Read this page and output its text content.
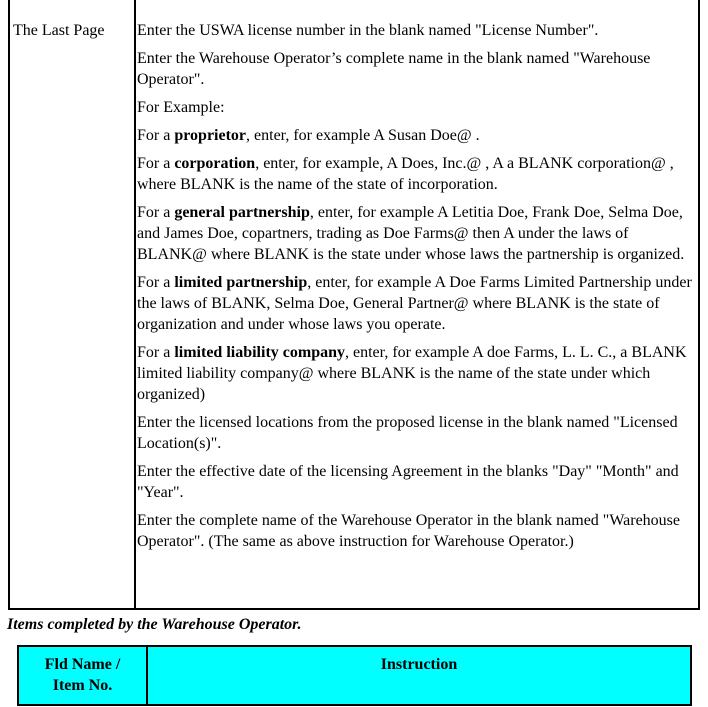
The Last Page	Enter the USWA license number in the blank named "License Number".

Enter the Warehouse Operator’s complete name in the blank named "Warehouse Operator".

For Example:

For a proprietor, enter, for example A Susan Doe@ .

For a corporation, enter, for example, A Does, Inc.@ , A a BLANK corporation@ , where BLANK is the name of the state of incorporation.

For a general partnership, enter, for example A Letitia Doe, Frank Doe, Selma Doe, and James Doe, copartners, trading as Doe Farms@ then A under the laws of BLANK@ where BLANK is the state under whose laws the partnership is organized.

For a limited partnership, enter, for example A Doe Farms Limited Partnership under the laws of BLANK, Selma Doe, General Partner@ where BLANK is the state of organization and under whose laws you operate.

For a limited liability company, enter, for example A doe Farms, L. L. C., a BLANK limited liability company@ where BLANK is the name of the state under which organized)

Enter the licensed locations from the proposed license in the blank named "Licensed Location(s)".

Enter the effective date of the licensing Agreement in the blanks "Day" "Month" and "Year".

Enter the complete name of the Warehouse Operator in the blank named "Warehouse Operator". (The same as above instruction for Warehouse Operator.)

Items completed by the Warehouse Operator.

Fld Name /
Item No.
Instruction
